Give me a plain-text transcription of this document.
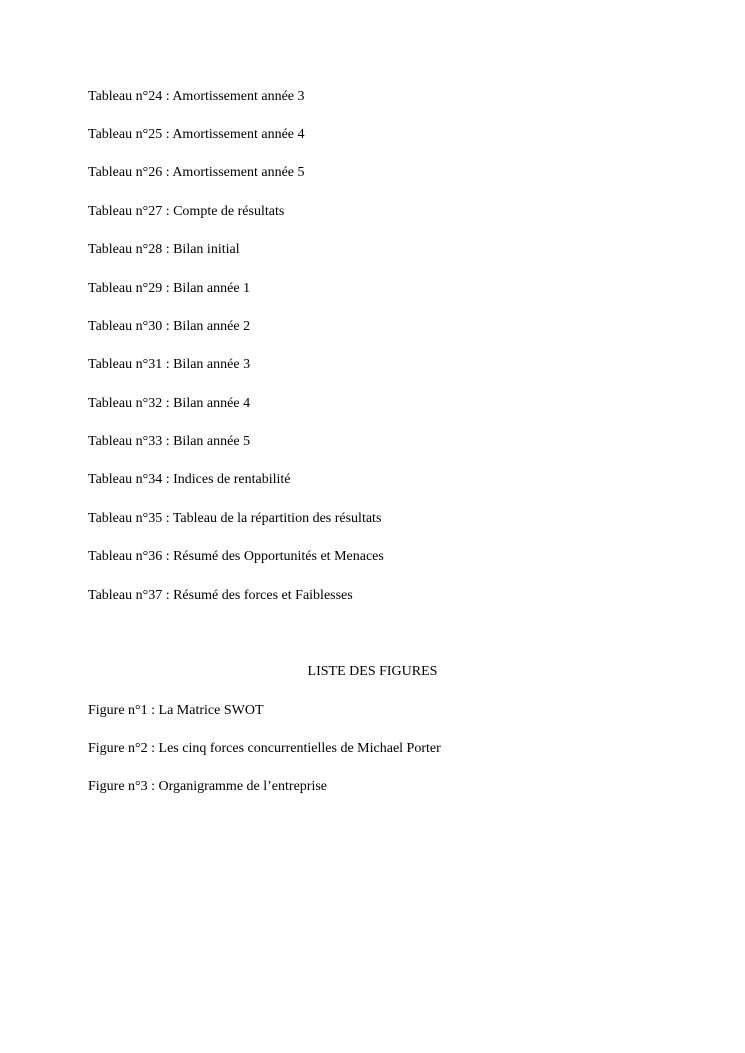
Tableau n°24 : Amortissement année 3
Tableau n°25 : Amortissement année 4
Tableau n°26 : Amortissement année 5
Tableau n°27 : Compte de résultats
Tableau n°28 : Bilan initial
Tableau n°29 : Bilan année 1
Tableau n°30 : Bilan année 2
Tableau n°31 : Bilan année 3
Tableau n°32 : Bilan année 4
Tableau n°33 : Bilan année 5
Tableau n°34 : Indices de rentabilité
Tableau n°35 : Tableau de la répartition des résultats
Tableau n°36 : Résumé des Opportunités et Menaces
Tableau n°37 : Résumé des forces et Faiblesses
LISTE DES FIGURES
Figure n°1 : La Matrice SWOT
Figure n°2 : Les cinq forces concurrentielles de Michael Porter
Figure n°3 : Organigramme de l’entreprise
